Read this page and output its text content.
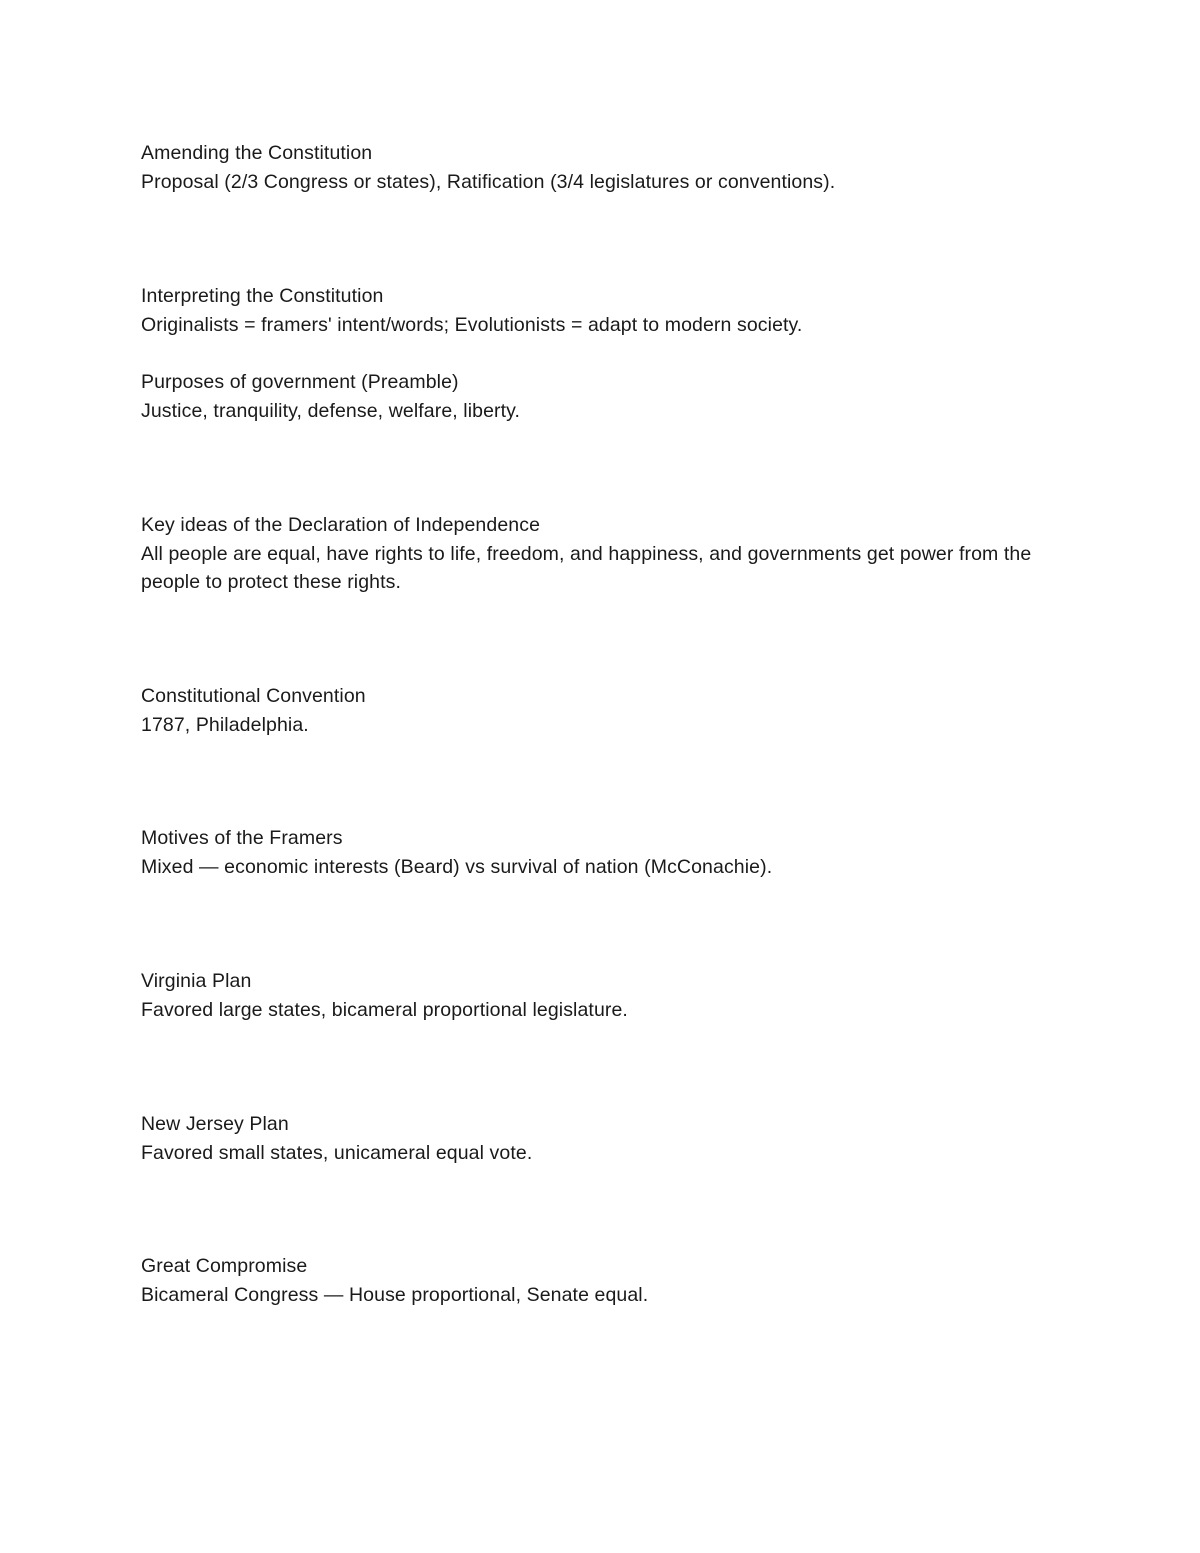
Amending the Constitution
Proposal (2/3 Congress or states), Ratification (3/4 legislatures or conventions).
Interpreting the Constitution
Originalists = framers' intent/words; Evolutionists = adapt to modern society.
Purposes of government (Preamble)
Justice, tranquility, defense, welfare, liberty.
Key ideas of the Declaration of Independence
All people are equal, have rights to life, freedom, and happiness, and governments get power from the people to protect these rights.
Constitutional Convention
1787, Philadelphia.
Motives of the Framers
Mixed — economic interests (Beard) vs survival of nation (McConachie).
Virginia Plan
Favored large states, bicameral proportional legislature.
New Jersey Plan
Favored small states, unicameral equal vote.
Great Compromise
Bicameral Congress — House proportional, Senate equal.
